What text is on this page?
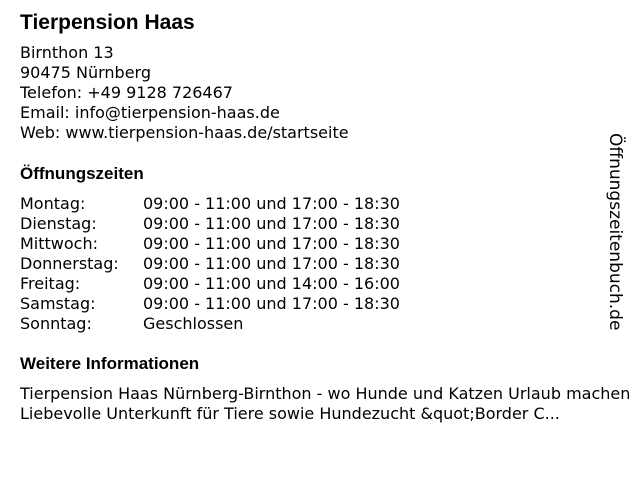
Tierpension Haas
Birnthon 13
90475 Nürnberg
Telefon: +49 9128 726467
Email: info@tierpension-haas.de
Web: www.tierpension-haas.de/startseite
Öffnungszeiten
Montag:	09:00 - 11:00 und 17:00 - 18:30
Dienstag:	09:00 - 11:00 und 17:00 - 18:30
Mittwoch:	09:00 - 11:00 und 17:00 - 18:30
Donnerstag:	09:00 - 11:00 und 17:00 - 18:30
Freitag:	09:00 - 11:00 und 14:00 - 16:00
Samstag:	09:00 - 11:00 und 17:00 - 18:30
Sonntag:	Geschlossen
Weitere Informationen

Tierpension Haas Nürnberg-Birnthon - wo Hunde und Katzen Urlaub machen

Liebevolle Unterkunft für Tiere sowie Hundezucht &quot;Border C...

Öffnungszeitenbuch.de
